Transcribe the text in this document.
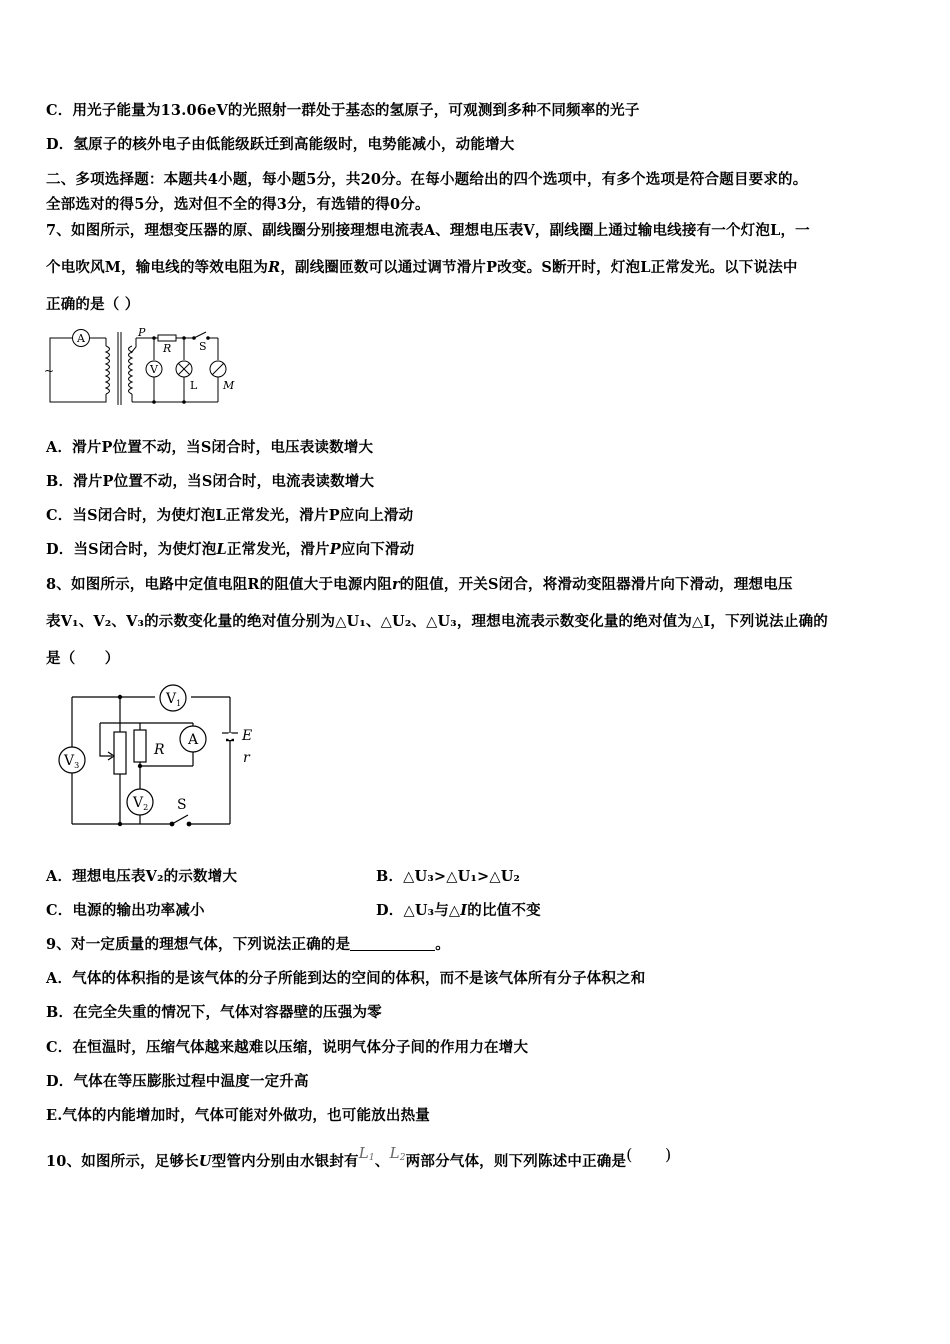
C．用光子能量为13.06eV的光照射一群处于基态的氢原子，可观测到多种不同频率的光子
D．氢原子的核外电子由低能级跃迁到高能级时，电势能减小，动能增大
二、多项选择题：本题共4小题，每小题5分，共20分。在每小题给出的四个选项中，有多个选项是符合题目要求的。
全部选对的得5分，选对但不全的得3分，有选错的得0分。
7、如图所示，理想变压器的原、副线圈分别接理想电流表A、理想电压表V，副线圈上通过输电线接有一个灯泡L，一
个电吹风M，输电线的等效电阻为R，副线圈匝数可以通过调节滑片P改变。S断开时，灯泡L正常发光。以下说法中
正确的是（ ）
A
V
P
R	S
L M
~
A．滑片P位置不动，当S闭合时，电压表读数增大
B．滑片P位置不动，当S闭合时，电流表读数增大
C．当S闭合时，为使灯泡L正常发光，滑片P应向上滑动
D．当S闭合时，为使灯泡L正常发光，滑片P应向下滑动
8、如图所示，电路中定值电阻R的阻值大于电源内阻r的阻值，开关S闭合，将滑动变阻器滑片向下滑动，理想电压
表V₁、V₂、V₃的示数变化量的绝对值分别为△U₁、△U₂、△U₃，理想电流表示数变化量的绝对值为△I，下列说法止确的
是（　　）
$V_1$
$V_3$
$V_2$
R
A	E
r
S
A．理想电压表V₂的示数增大	B．△U₃>△U₁>△U₂
C．电源的输出功率减小	D．△U₃与△I的比值不变
9、对一定质量的理想气体，下列说法正确的是	。
A．气体的体积指的是该气体的分子所能到达的空间的体积，而不是该气体所有分子体积之和
B．在完全失重的情况下，气体对容器壁的压强为零
C．在恒温时，压缩气体越来越难以压缩，说明气体分子间的作用力在增大
D．气体在等压膨胀过程中温度一定升高
E.气体的内能增加时，气体可能对外做功，也可能放出热量
10、如图所示，足够长U型管内分别由水银封有$L_1$、$L_2$两部分气体，则下列陈述中正确是(　　)
